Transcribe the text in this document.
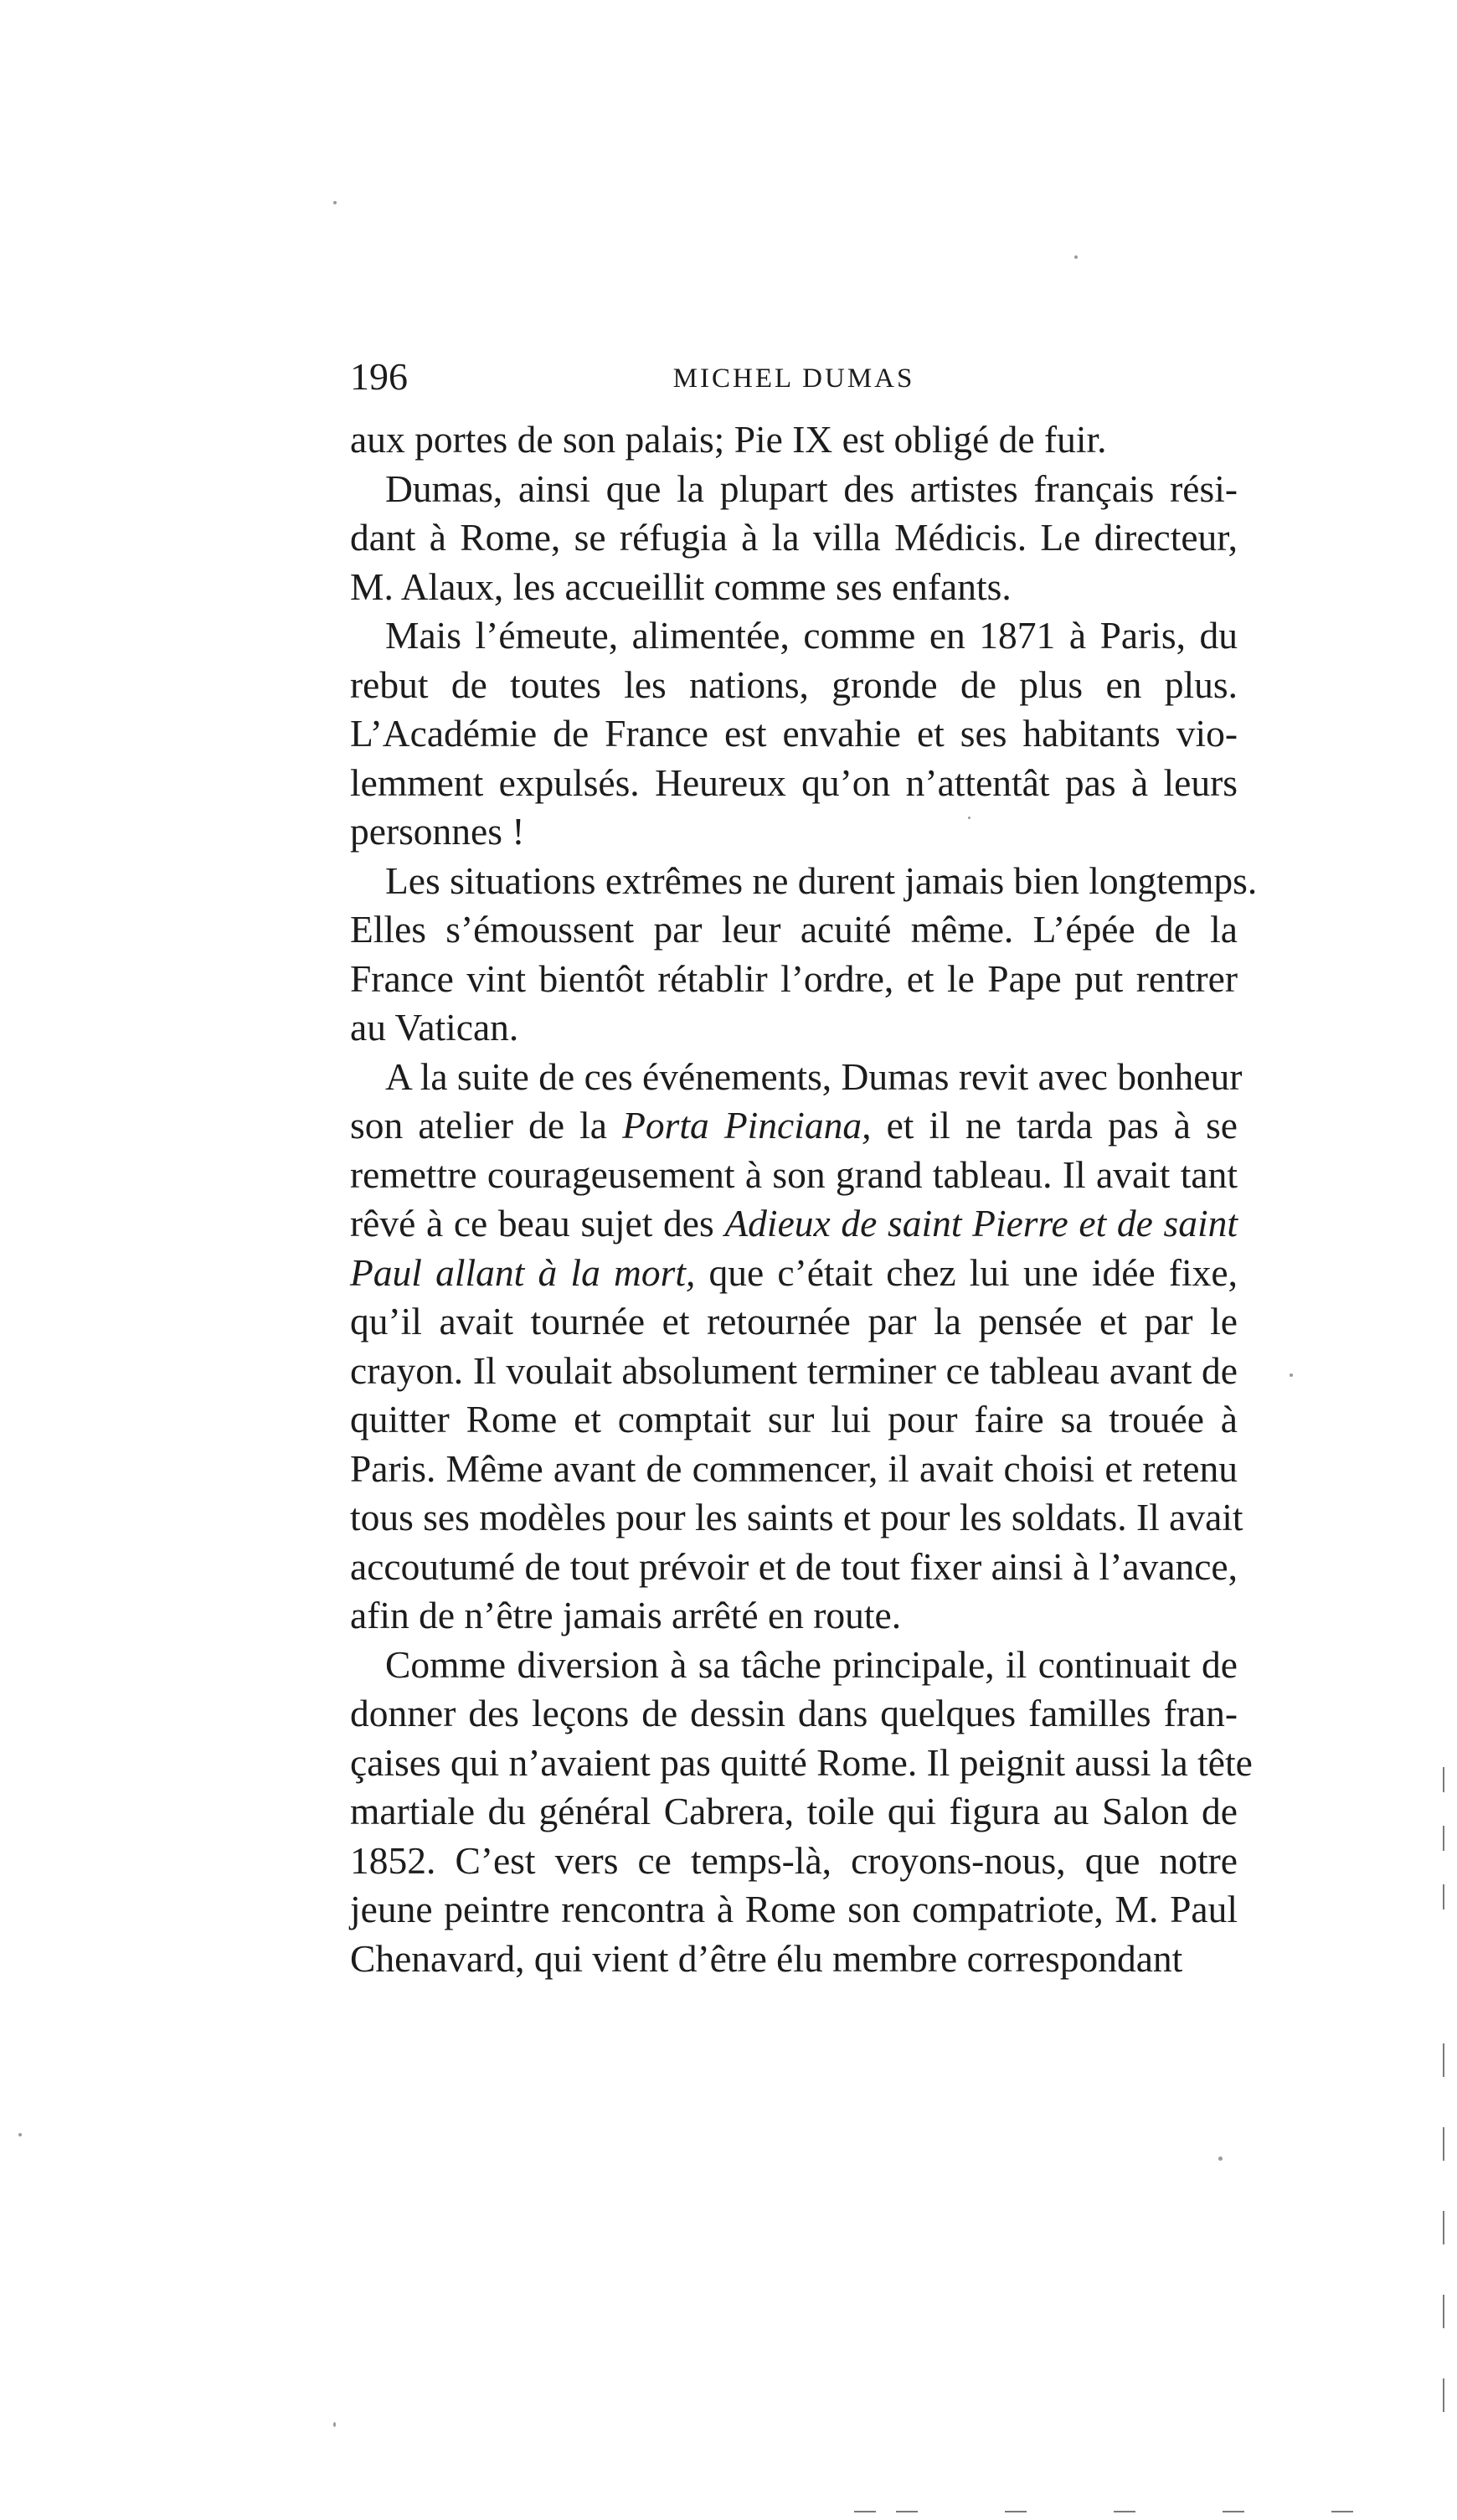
196	MICHEL DUMAS
aux portes de son palais; Pie IX est obligé de fuir.
Dumas, ainsi que la plupart des artistes français rési-
dant à Rome, se réfugia à la villa Médicis. Le directeur,
M. Alaux, les accueillit comme ses enfants.
Mais l’émeute, alimentée, comme en 1871 à Paris, du
rebut de toutes les nations, gronde de plus en plus.
L’Académie de France est envahie et ses habitants vio-
lemment expulsés. Heureux qu’on n’attentât pas à leurs
personnes !
Les situations extrêmes ne durent jamais bien longtemps.
Elles s’émoussent par leur acuité même. L’épée de la
France vint bientôt rétablir l’ordre, et le Pape put rentrer
au Vatican.
A la suite de ces événements, Dumas revit avec bonheur
son atelier de la Porta Pinciana, et il ne tarda pas à se
remettre courageusement à son grand tableau. Il avait tant
rêvé à ce beau sujet des Adieux de saint Pierre et de saint
Paul allant à la mort, que c’était chez lui une idée fixe,
qu’il avait tournée et retournée par la pensée et par le
crayon. Il voulait absolument terminer ce tableau avant de
quitter Rome et comptait sur lui pour faire sa trouée à
Paris. Même avant de commencer, il avait choisi et retenu
tous ses modèles pour les saints et pour les soldats. Il avait
accoutumé de tout prévoir et de tout fixer ainsi à l’avance,
afin de n’être jamais arrêté en route.
Comme diversion à sa tâche principale, il continuait de
donner des leçons de dessin dans quelques familles fran-
çaises qui n’avaient pas quitté Rome. Il peignit aussi la tête
martiale du général Cabrera, toile qui figura au Salon de
1852. C’est vers ce temps-là, croyons-nous, que notre
jeune peintre rencontra à Rome son compatriote, M. Paul
Chenavard, qui vient d’être élu membre correspondant
